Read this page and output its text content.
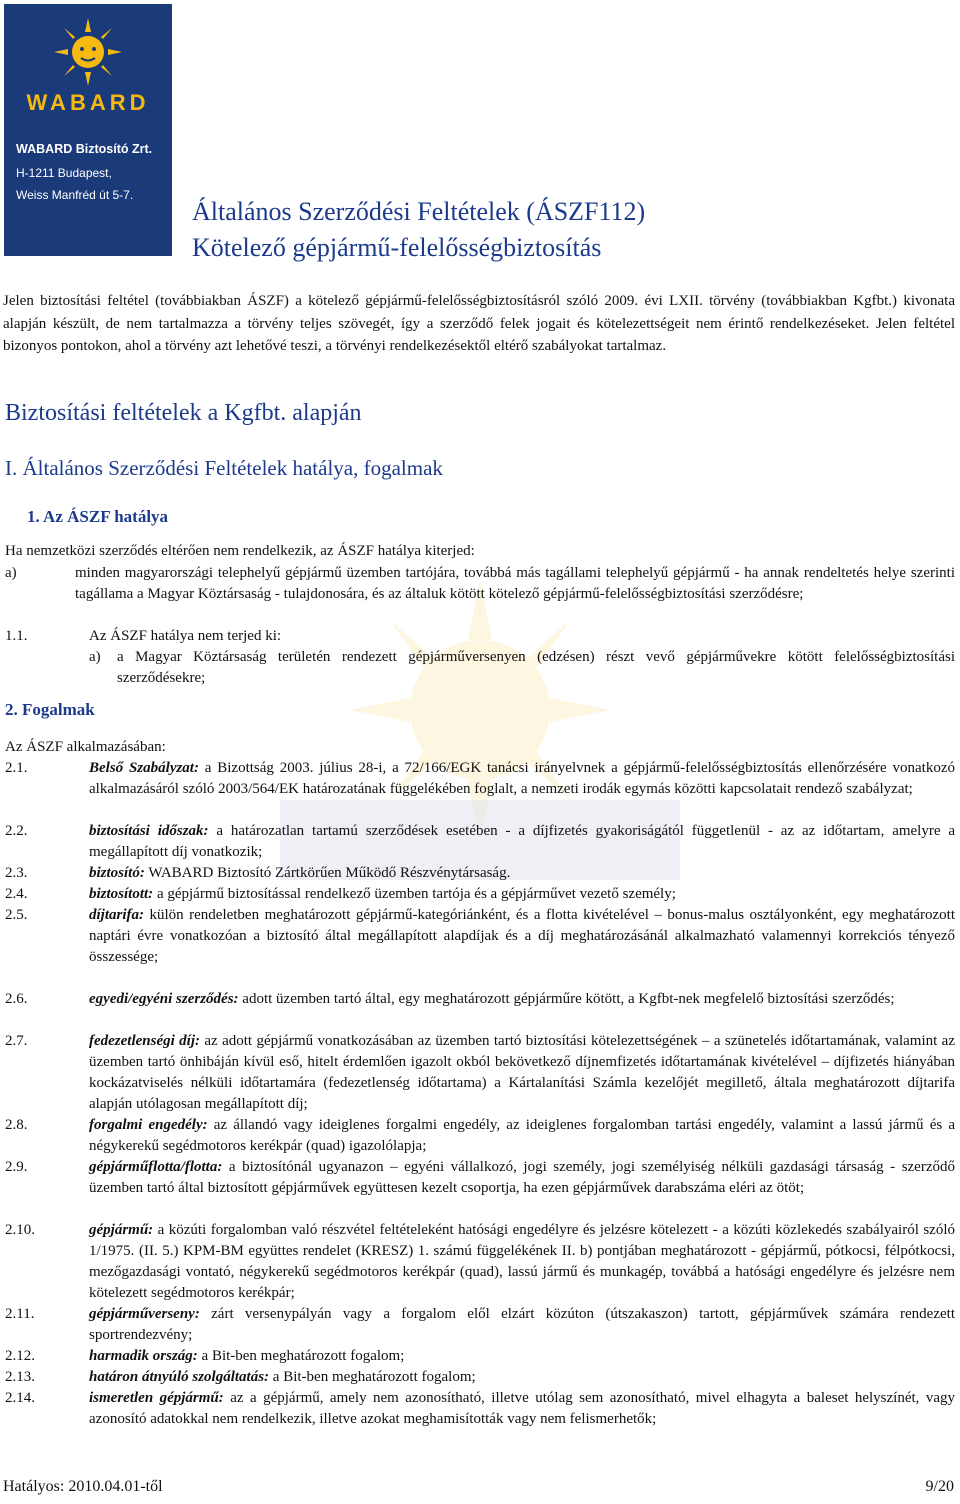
WABARD
WABARD Biztosító Zrt.
H-1211 Budapest,
Weiss Manfréd út 5-7.
Általános Szerződési Feltételek (ÁSZF112)
Kötelező gépjármű-felelősségbiztosítás
Jelen biztosítási feltétel (továbbiakban ÁSZF) a kötelező gépjármű-felelősségbiztosításról szóló 2009. évi LXII. törvény (továbbiakban Kgfbt.) kivonata alapján készült, de nem tartalmazza a törvény teljes szövegét, így a szerződő felek jogait és kötelezettségeit nem érintő rendelkezéseket. Jelen feltétel bizonyos pontokon, ahol a törvény azt lehetővé teszi, a törvényi rendelkezésektől eltérő szabályokat tartalmaz.
Biztosítási feltételek a Kgfbt. alapján
I. Általános Szerződési Feltételek hatálya, fogalmak
1. Az ÁSZF hatálya
Ha nemzetközi szerződés eltérően nem rendelkezik, az ÁSZF hatálya kiterjed:
a)	minden magyarországi telephelyű gépjármű üzemben tartójára, továbbá más tagállami telephelyű gépjármű - ha annak rendeltetés helye szerinti tagállama a Magyar Köztársaság - tulajdonosára, és az általuk kötött kötelező gépjármű-felelősségbiztosítási szerződésre;
1.1.	Az ÁSZF hatálya nem terjed ki:
a) a Magyar Köztársaság területén rendezett gépjárműversenyen (edzésen) részt vevő gépjárművekre kötött felelősségbiztosítási szerződésekre;
2. Fogalmak
Az ÁSZF alkalmazásában:
2.1.	Belső Szabályzat: a Bizottság 2003. július 28-i, a 72/166/EGK tanácsi irányelvnek a gépjármű-felelősségbiztosítás ellenőrzésére vonatkozó alkalmazásáról szóló 2003/564/EK határozatának függelékében foglalt, a nemzeti irodák egymás közötti kapcsolatait rendező szabályzat;
2.2.	biztosítási időszak: a határozatlan tartamú szerződések esetében - a díjfizetés gyakoriságától függetlenül - az az időtartam, amelyre a megállapított díj vonatkozik;
2.3.	biztosító: WABARD Biztosító Zártkörűen Működő Részvénytársaság.
2.4.	biztosított: a gépjármű biztosítással rendelkező üzemben tartója és a gépjárművet vezető személy;
2.5.	díjtarifa: külön rendeletben meghatározott gépjármű-kategóriánként, és a flotta kivételével – bonus-malus osztályonként, egy meghatározott naptári évre vonatkozóan a biztosító által megállapított alapdíjak és a díj meghatározásánál alkalmazható valamennyi korrekciós tényező összessége;
2.6.	egyedi/egyéni szerződés: adott üzemben tartó által, egy meghatározott gépjárműre kötött, a Kgfbt-nek megfelelő biztosítási szerződés;
2.7.	fedezetlenségi díj: az adott gépjármű vonatkozásában az üzemben tartó biztosítási kötelezettségének – a szünetelés időtartamának, valamint az üzemben tartó önhibáján kívül eső, hitelt érdemlően igazolt okból bekövetkező díjnemfizetés időtartamának kivételével – díjfizetés hiányában kockázatviselés nélküli időtartamára (fedezetlenség időtartama) a Kártalanítási Számla kezelőjét megillető, általa meghatározott díjtarifa alapján utólagosan megállapított díj;
2.8.	forgalmi engedély: az állandó vagy ideiglenes forgalmi engedély, az ideiglenes forgalomban tartási engedély, valamint a lassú jármű és a négykerekű segédmotoros kerékpár (quad) igazolólapja;
2.9.	gépjárműflotta/flotta: a biztosítónál ugyanazon – egyéni vállalkozó, jogi személy, jogi személyiség nélküli gazdasági társaság - szerződő üzemben tartó által biztosított gépjárművek együttesen kezelt csoportja, ha ezen gépjárművek darabszáma eléri az ötöt;
2.10.	gépjármű: a közúti forgalomban való részvétel feltételeként hatósági engedélyre és jelzésre kötelezett - a közúti közlekedés szabályairól szóló 1/1975. (II. 5.) KPM-BM együttes rendelet (KRESZ) 1. számú függelékének II. b) pontjában meghatározott - gépjármű, pótkocsi, félpótkocsi, mezőgazdasági vontató, négykerekű segédmotoros kerékpár (quad), lassú jármű és munkagép, továbbá a hatósági engedélyre és jelzésre nem kötelezett segédmotoros kerékpár;
2.11.	gépjárműverseny: zárt versenypályán vagy a forgalom elől elzárt közúton (útszakaszon) tartott, gépjárművek számára rendezett sportrendezvény;
2.12.	harmadik ország: a Bit-ben meghatározott fogalom;
2.13.	határon átnyúló szolgáltatás: a Bit-ben meghatározott fogalom;
2.14.	ismeretlen gépjármű: az a gépjármű, amely nem azonosítható, illetve utólag sem azonosítható, mivel elhagyta a baleset helyszínét, vagy azonosító adatokkal nem rendelkezik, illetve azokat meghamisították vagy nem felismerhetők;
Hatályos: 2010.04.01-től	9/20
